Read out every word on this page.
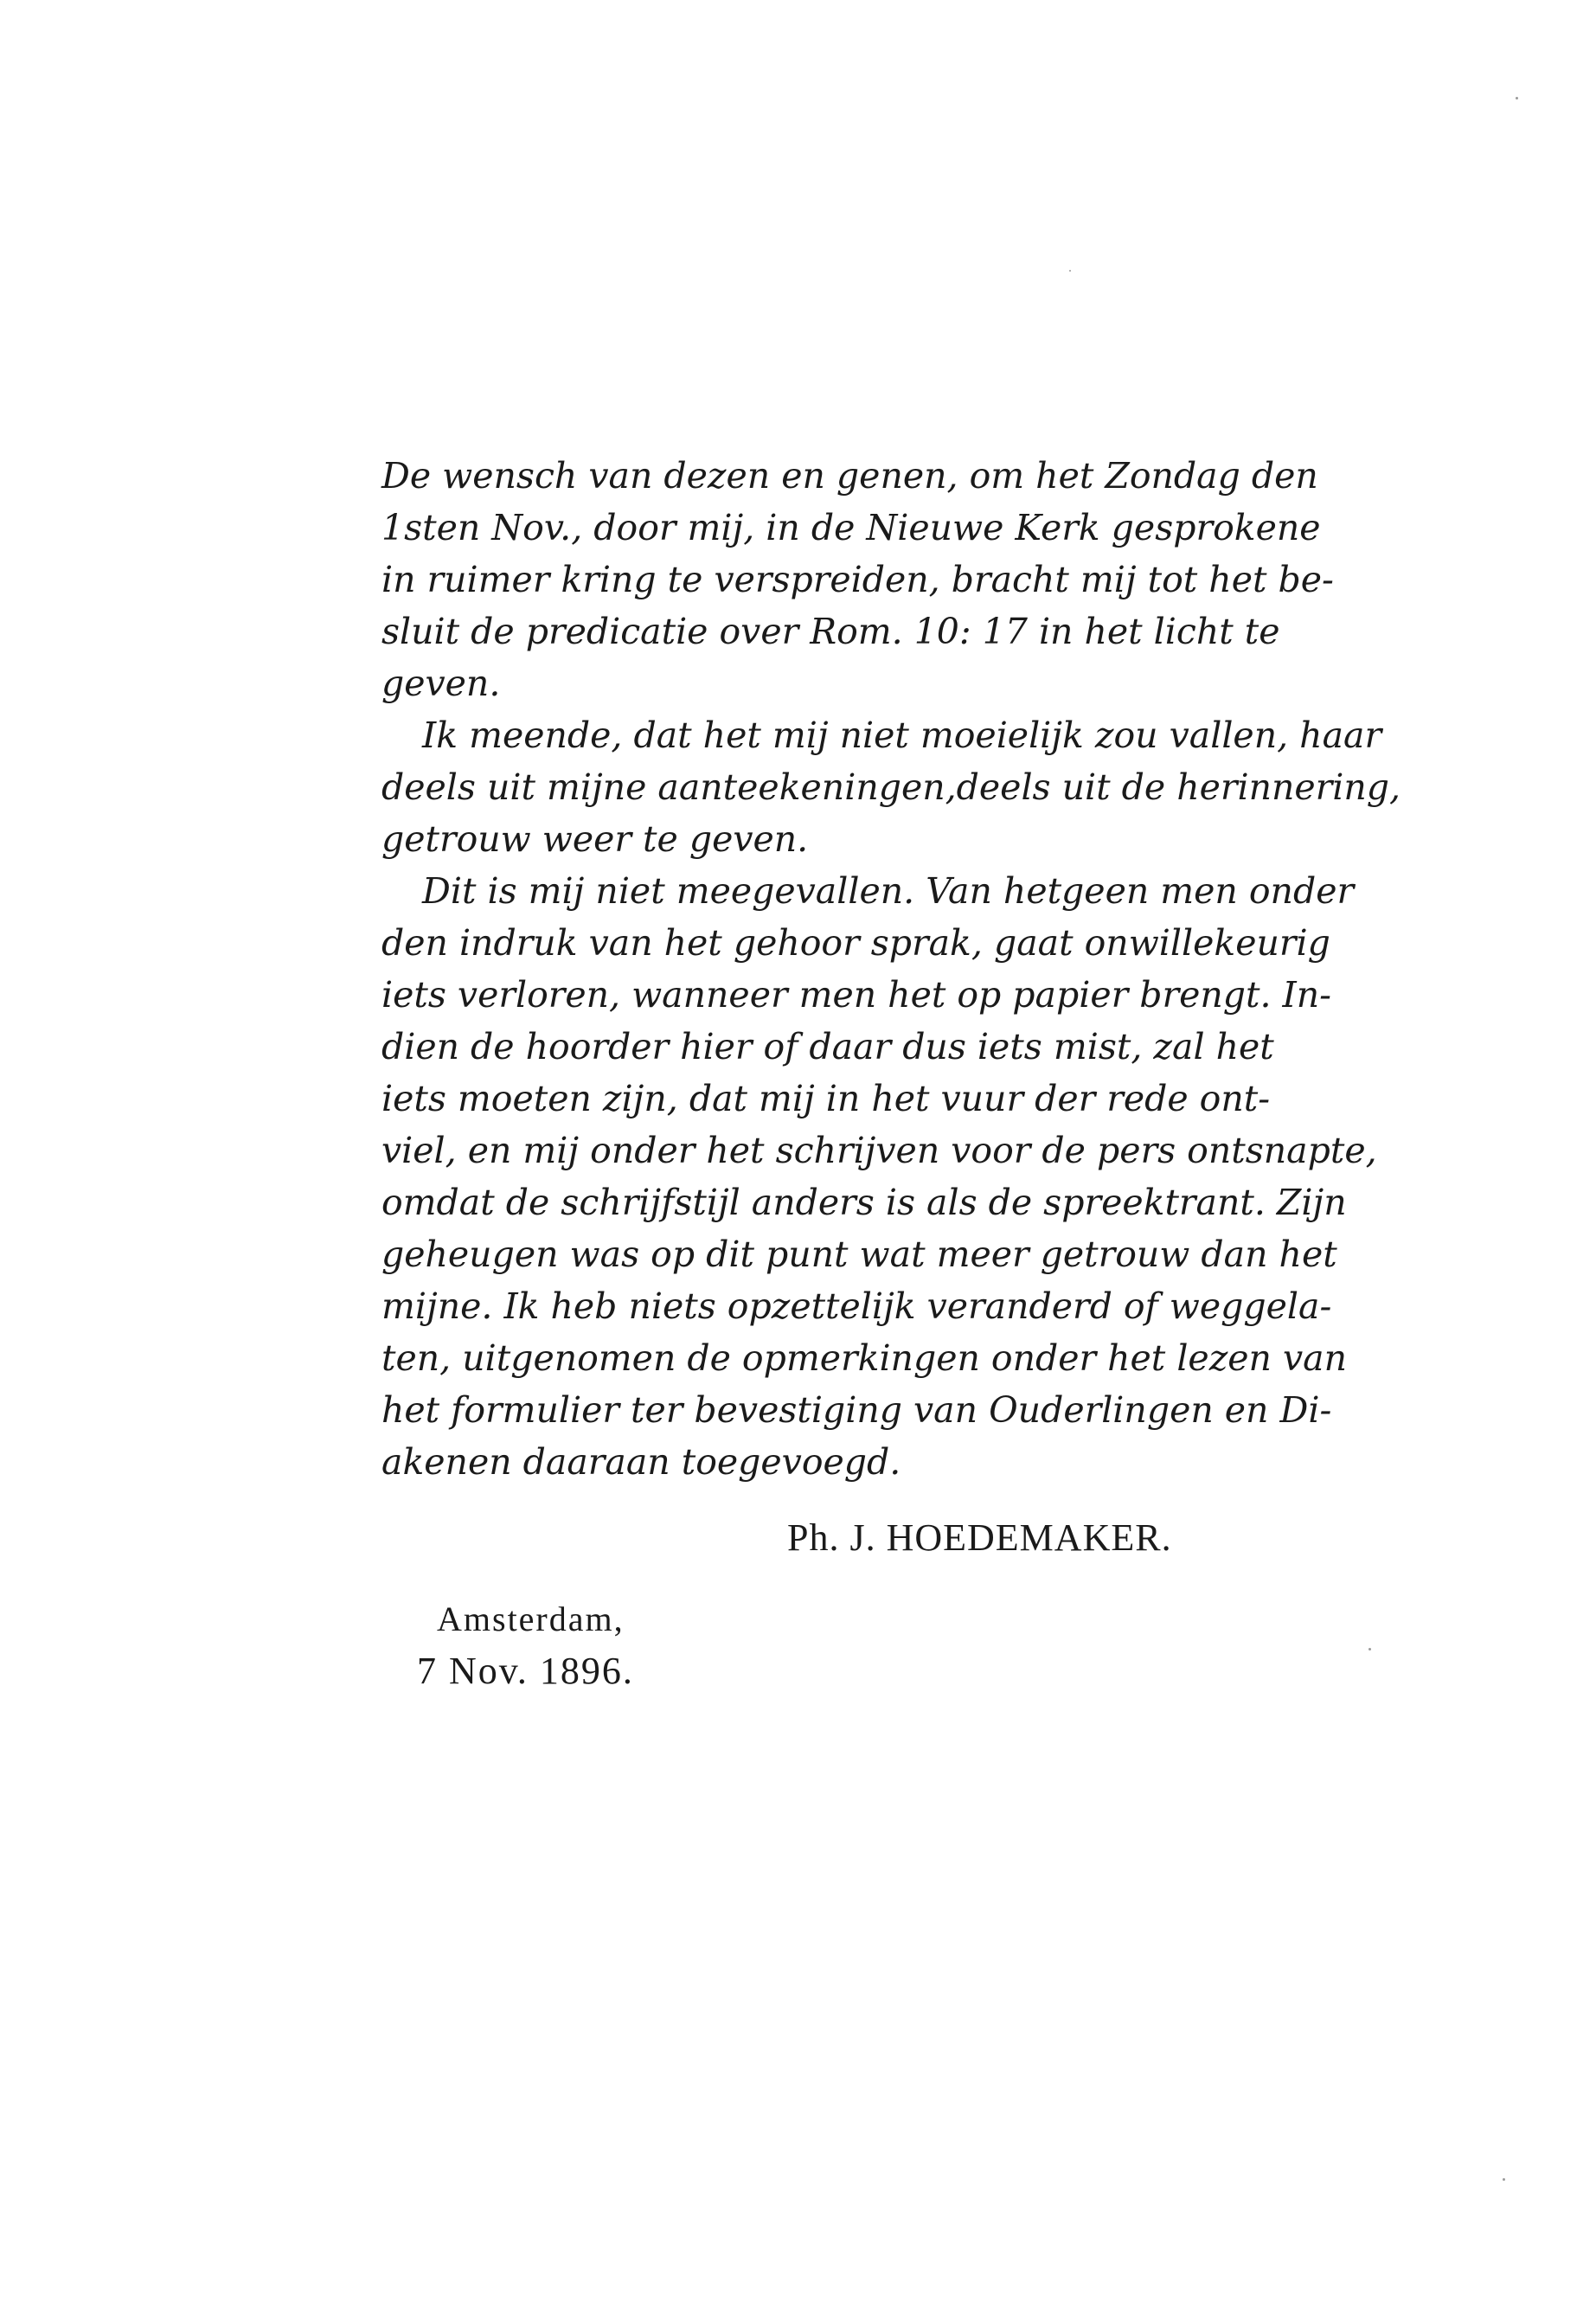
De wensch van dezen en genen, om het Zondag den
1sten Nov., door mij, in de Nieuwe Kerk gesprokene
in ruimer kring te verspreiden, bracht mij tot het be-
sluit de predicatie over Rom. 10: 17 in het licht te
geven.
Ik meende, dat het mij niet moeielijk zou vallen, haar
deels uit mijne aanteekeningen,deels uit de herinnering,
getrouw weer te geven.
Dit is mij niet meegevallen. Van hetgeen men onder
den indruk van het gehoor sprak, gaat onwillekeurig
iets verloren, wanneer men het op papier brengt. In-
dien de hoorder hier of daar dus iets mist, zal het
iets moeten zijn, dat mij in het vuur der rede ont-
viel, en mij onder het schrijven voor de pers ontsnapte,
omdat de schrijfstijl anders is als de spreektrant. Zijn
geheugen was op dit punt wat meer getrouw dan het
mijne. Ik heb niets opzettelijk veranderd of weggela-
ten, uitgenomen de opmerkingen onder het lezen van
het formulier ter bevestiging van Ouderlingen en Di-
akenen daaraan toegevoegd.
Ph. J. HOEDEMAKER.
Amsterdam,
7 Nov. 1896.
